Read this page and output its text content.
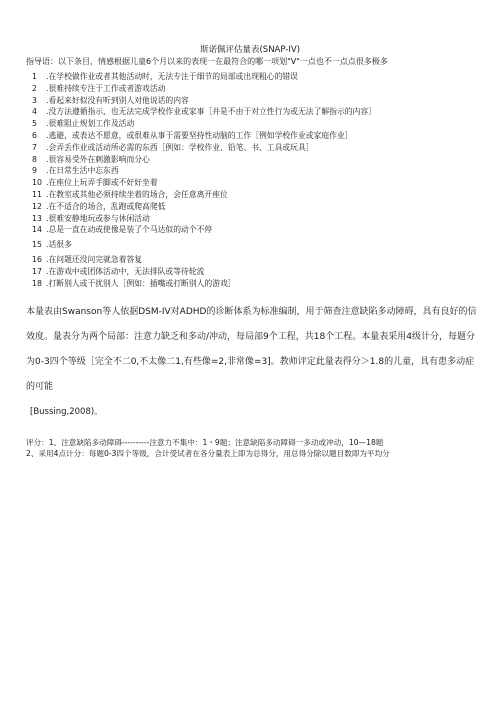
斯诺佩评估量表(SNAP-IV)
指导语：以下条目，情感根据儿童6个月以来的表现一在最符合的哪一项划"V"一点也不一点点很多极多
1 .在学校做作业或者其他活动时，无法专注于细节的局部或出现粗心的错误
2 .很难持续专注于工作或者游戏活动
3 .看起来好似没有听到别人对他说话的内容
4 .没方法遵循指示，也无法完成学校作业或家事［并是不由于对立性行为或无法了解指示的内容］
5 .很难阻止规划工作及活动
6 .逃避，或表达不愿意，或很难从事于需要坚持性动脑的工作［例如学校作业或家庭作业］
7 .会弄丢作业或活动所必需的东西［例如：学校作业、铅笔、书、工具或玩具］
8 .很容易受外在刺激影响而分心
9 .在日常生活中忘东西
10 .在座位上玩弄手脚或不好好坐着
11 .在教室或其他必须持续坐着的场合，会任意离开座位
12 .在不适合的场合，乱跑或爬高爬低
13 .很难安静地玩或参与休闲活动
14 .总是一直在动或使像是装了个马达似的动个不停
15 .话很多
16 .在问题还没问完就急着答复
17 .在游戏中或团体活动中，无法排队或等待轮流
18 .打断别人或干扰别人［例如：插嘴或打断别人的游戏］
本量表由Swanson等人依据DSM-IV对ADHD的诊断体系为标准编制，用于筛查注意缺陷多动障碍，具有良好的信效度。量表分为两个局部：注意力缺乏和多动/冲动，每局部9个工程，共18个工程。本量表采用4级计分，每题分为0-3四个等级［完全不二0,不太像二1,有些像=2,非常像=3]。教师评定此量表得分＞1.8的儿童，具有患多动症的可能
[Bussing,2008)。

评分：1、注意缺陷多动障碍----------注意力不集中：1・9题；注意缺陷多动障碍一多动或冲动，10—18题

2、采用4点计分：每题0-3四个等级，合计受试者在各分量表上即为总得分，用总得分除以题目数即为平均分
